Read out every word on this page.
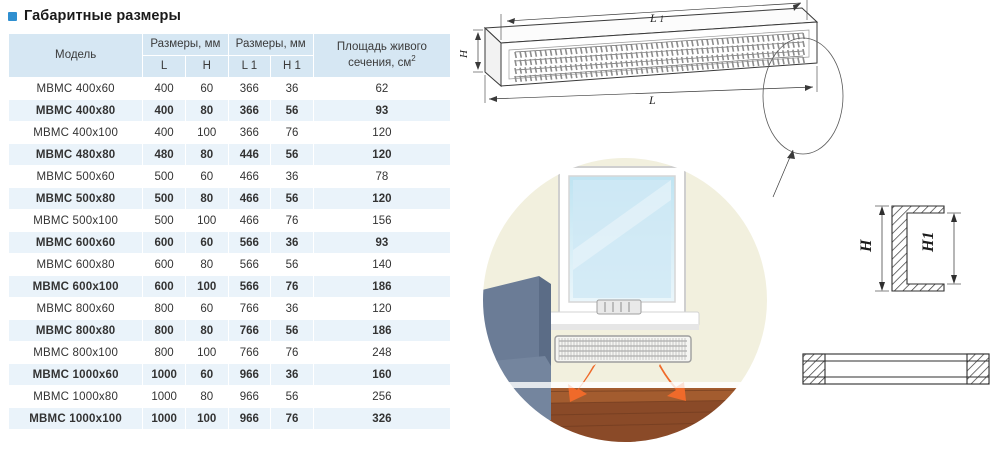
Габаритные размеры
Модель	Размеры, мм		Размеры, мм		Площадь живого
сечения, $см^2$
	L	H	L 1	H 1	
МВМС 400х60	400	60	366	36	62
МВМС 400х80	400	80	366	56	93
МВМС 400х100	400	100	366	76	120
МВМС 480х80	480	80	446	56	120
МВМС 500х60	500	60	466	36	78
МВМС 500х80	500	80	466	56	120
МВМС 500х100	500	100	466	76	156
МВМС 600х60	600	60	566	36	93
МВМС 600х80	600	80	566	56	140
МВМС 600х100	600	100	566	76	186
МВМС 800х60	800	60	766	36	120
МВМС 800х80	800	80	766	56	186
МВМС 800х100	800	100	766	76	248
МВМС 1000х60	1000	60	966	36	160
МВМС 1000х80	1000	80	966	56	256
МВМС 1000х100	1000	100	966	76	326
L 1
H
L
H	H1
